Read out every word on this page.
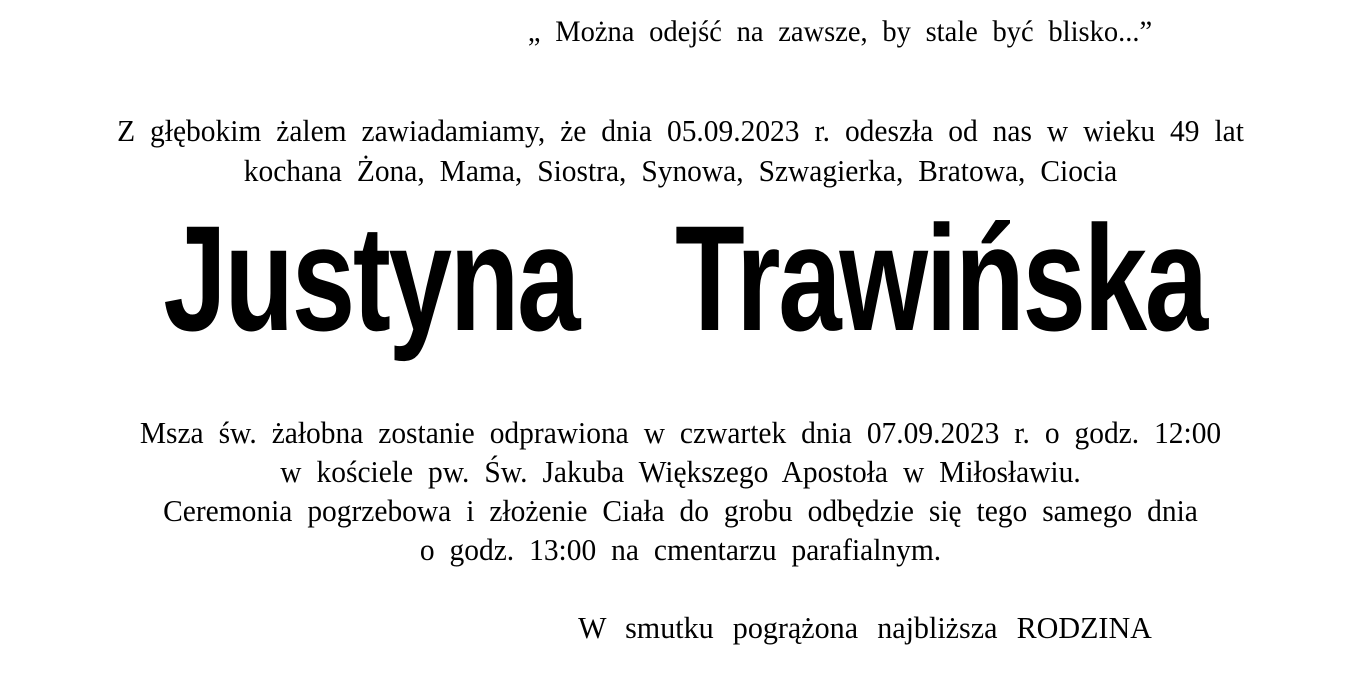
„ Można odejść na zawsze, by stale być blisko...”
Z głębokim żalem zawiadamiamy, że dnia 05.09.2023 r. odeszła od nas w wieku 49 lat
kochana Żona, Mama, Siostra, Synowa, Szwagierka, Bratowa, Ciocia
Justyna Trawińska
Msza św. żałobna zostanie odprawiona w czwartek dnia 07.09.2023 r. o godz. 12:00
w kościele pw. Św. Jakuba Większego Apostoła w Miłosławiu.
Ceremonia pogrzebowa i złożenie Ciała do grobu odbędzie się tego samego dnia
o godz. 13:00 na cmentarzu parafialnym.
W smutku pogrążona najbliższa RODZINA
